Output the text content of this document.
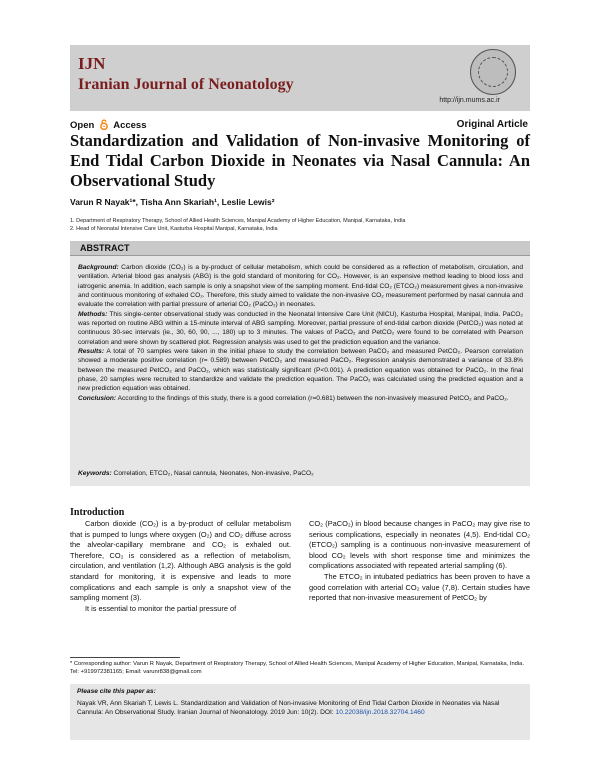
IJN
Iranian Journal of Neonatology
http://ijn.mums.ac.ir
Open Access	Original Article
Standardization and Validation of Non-invasive Monitoring of End Tidal Carbon Dioxide in Neonates via Nasal Cannula: An Observational Study
Varun R Nayak¹*, Tisha Ann Skariah¹, Leslie Lewis²
1. Department of Respiratory Therapy, School of Allied Health Sciences, Manipal Academy of Higher Education, Manipal, Karnataka, India
2. Head of Neonatal Intensive Care Unit, Kasturba Hospital Manipal, Karnataka, India
ABSTRACT

Background: Carbon dioxide (CO₂) is a by-product of cellular metabolism, which could be considered as a reflection of metabolism, circulation, and ventilation. Arterial blood gas analysis (ABG) is the gold standard of monitoring for CO₂. However, is an expensive method leading to blood loss and iatrogenic anemia. In addition, each sample is only a snapshot view of the sampling moment. End-tidal CO₂ (ETCO₂) measurement gives a non-invasive and continuous monitoring of exhaled CO₂. Therefore, this study aimed to validate the non-invasive CO₂ measurement performed by nasal cannula and evaluate the correlation with partial pressure of arterial CO₂ (PaCO₂) in neonates.

Methods: This single-center observational study was conducted in the Neonatal Intensive Care Unit (NICU), Kasturba Hospital, Manipal, India. PaCO₂ was reported on routine ABG within a 15-minute interval of ABG sampling. Moreover, partial pressure of end-tidal carbon dioxide (PetCO₂) was noted at continuous 30-sec intervals (ie., 30, 60, 90, ..., 180) up to 3 minutes. The values of PaCO₂ and PetCO₂ were found to be correlated with Pearson correlation and were shown by scattered plot. Regression analysis was used to get the prediction equation and the variance.

Results: A total of 70 samples were taken in the initial phase to study the correlation between PaCO₂ and measured PetCO₂. Pearson correlation showed a moderate positive correlation (r= 0.589) between PetCO₂ and measured PaCO₂. Regression analysis demonstrated a variance of 33.8% between the measured PetCO₂ and PaCO₂, which was statistically significant (P<0.001). A prediction equation was obtained for PaCO₂. In the final phase, 20 samples were recruited to standardize and validate the prediction equation. The PaCO₂ was calculated using the predicted equation and a new prediction equation was obtained.

Conclusion: According to the findings of this study, there is a good correlation (r=0.681) between the non-invasively measured PetCO₂ and PaCO₂.

Keywords: Correlation, ETCO₂, Nasal cannula, Neonates, Non-invasive, PaCO₂
Introduction

Carbon dioxide (CO₂) is a by-product of cellular metabolism that is pumped to lungs where oxygen (O₂) and CO₂ diffuse across the alveolar-capillary membrane and CO₂ is exhaled out. Therefore, CO₂ is considered as a reflection of metabolism, circulation, and ventilation (1,2). Although ABG analysis is the gold standard for monitoring, it is expensive and leads to more complications and each sample is only a snapshot view of the sampling moment (3).

It is essential to monitor the partial pressure of

CO₂ (PaCO₂) in blood because changes in PaCO₂ may give rise to serious complications, especially in neonates (4,5). End-tidal CO₂ (ETCO₂) sampling is a continuous non-invasive measurement of blood CO₂ levels with short response time and minimizes the complications associated with repeated arterial sampling (6).

The ETCO₂ in intubated pediatrics has been proven to have a good correlation with arterial CO₂ value (7,8). Certain studies have reported that non-invasive measurement of PetCO₂ by

* Corresponding author: Varun R Nayak, Department of Respiratory Therapy, School of Allied Health Sciences, Manipal Academy of Higher Education, Manipal, Karnataka, India. Tel: +919972381165; Email: varunr838@gmail.com
Please cite this paper as:
Nayak VR, Ann Skariah T, Lewis L. Standardization and Validation of Non-invasive Monitoring of End Tidal Carbon Dioxide in Neonates via Nasal Cannula: An Observational Study. Iranian Journal of Neonatology. 2019 Jun: 10(2). DOI: 10.22038/ijn.2018.32704.1460
